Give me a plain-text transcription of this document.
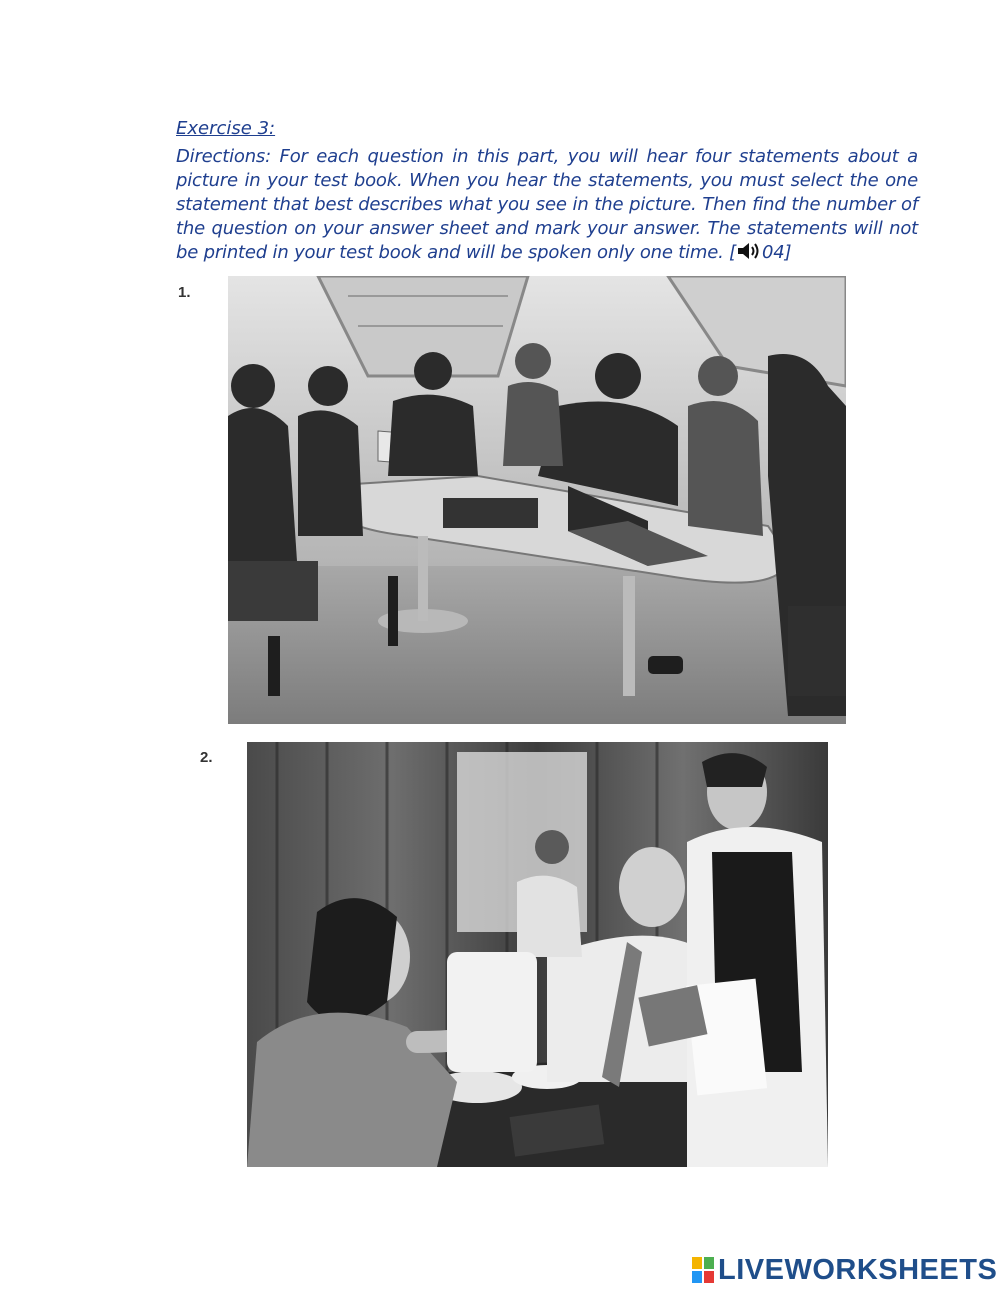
Exercise 3:
Directions: For each question in this part, you will hear four statements about a picture in your test book. When you hear the statements, you must select the one statement that best describes what you see in the picture. Then find the number of the question on your answer sheet and mark your answer. The statements will not be printed in your test book and will be spoken only one time. [ 04]
1.
2.
LIVEWORKSHEETS
